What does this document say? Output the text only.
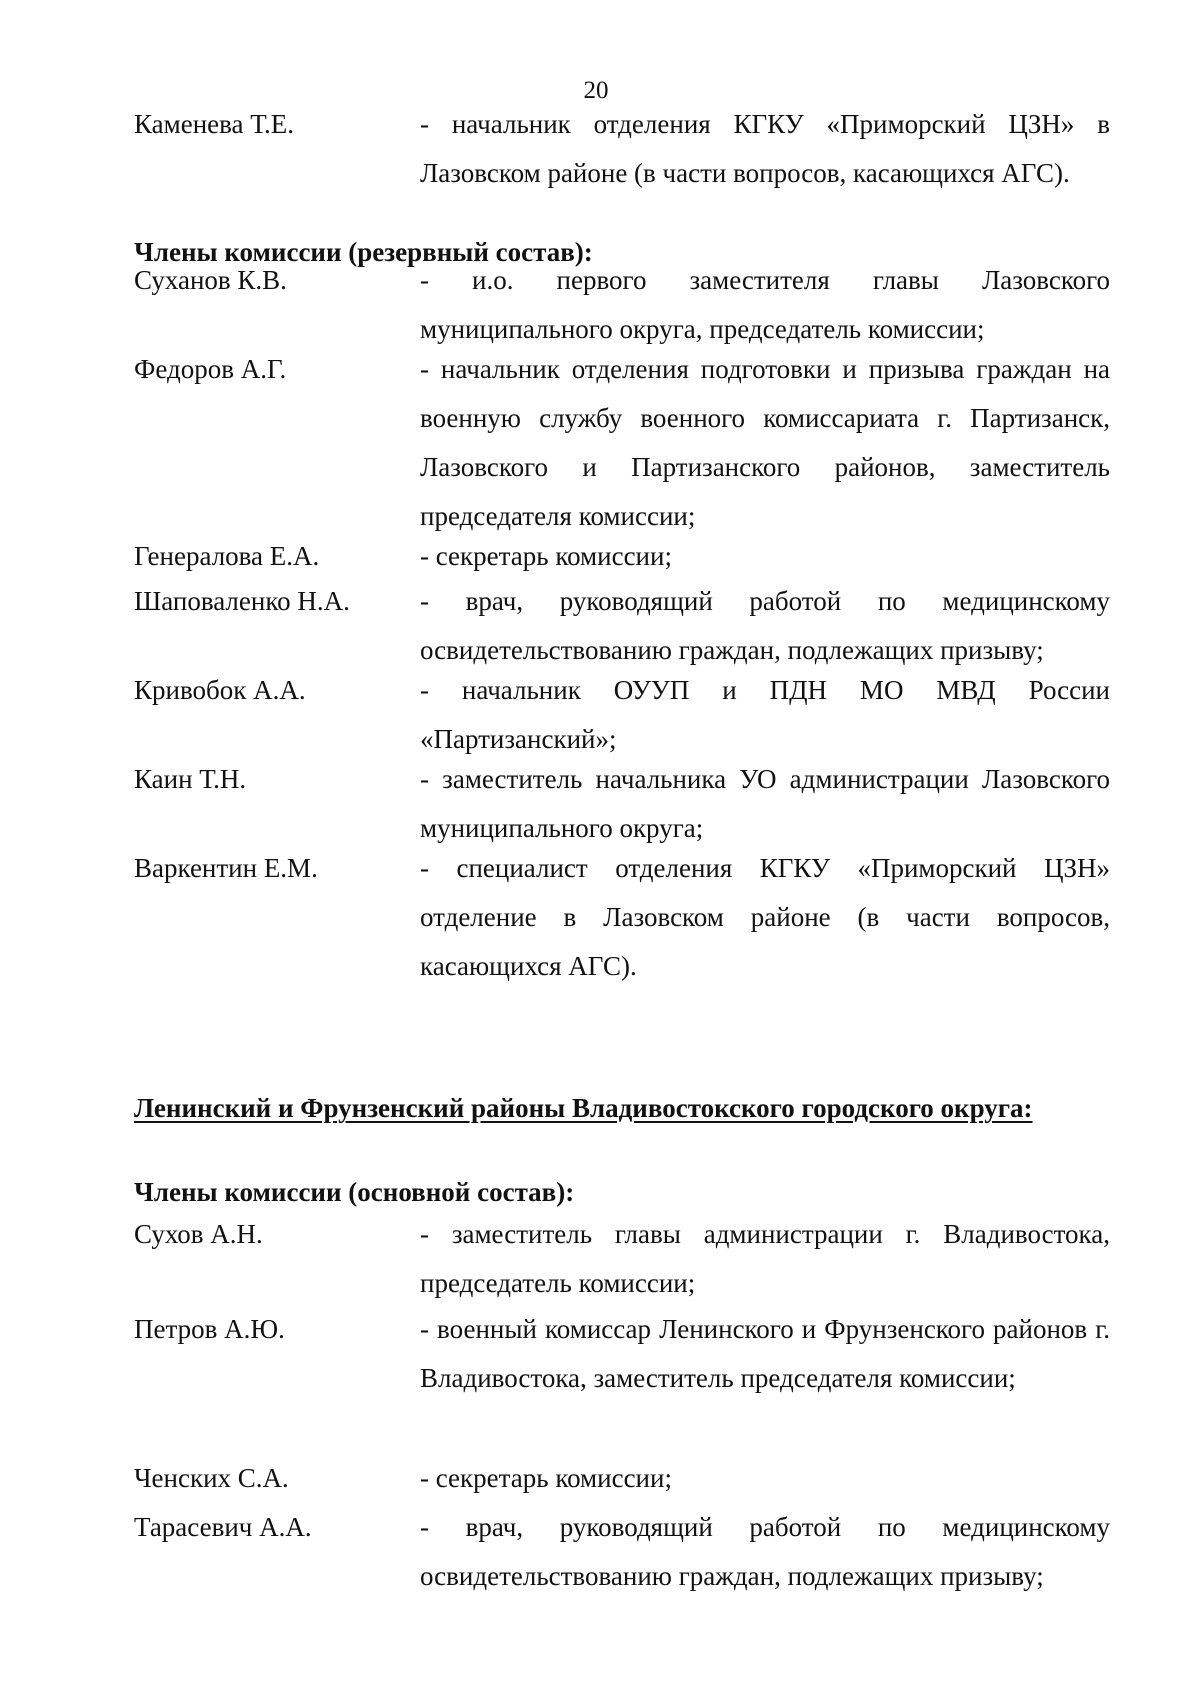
20
Каменева Т.Е.	- начальник отделения КГКУ «Приморский ЦЗН» в Лазовском районе (в части вопросов, касающихся АГС).
Члены комиссии (резервный состав):
Суханов К.В.	- и.о. первого заместителя главы Лазовского муниципального округа, председатель комиссии;
Федоров А.Г.	- начальник отделения подготовки и призыва граждан на военную службу военного комиссариата г. Партизанск, Лазовского и Партизанского районов, заместитель председателя комиссии;
Генералова Е.А.	- секретарь комиссии;
Шаповаленко Н.А.	- врач, руководящий работой по медицинскому освидетельствованию граждан, подлежащих призыву;
Кривобок А.А.	- начальник ОУУП и ПДН МО МВД России «Партизанский»;
Каин Т.Н.	- заместитель начальника УО администрации Лазовского муниципального округа;
Варкентин Е.М.	- специалист отделения КГКУ «Приморский ЦЗН» отделение в Лазовском районе (в части вопросов, касающихся АГС).
Ленинский и Фрунзенский районы Владивостокского городского округа:
Члены комиссии (основной состав):
Сухов А.Н.	- заместитель главы администрации г. Владивостока, председатель комиссии;
Петров А.Ю.	- военный комиссар Ленинского и Фрунзенского районов г. Владивостока, заместитель председателя комиссии;
Ченских С.А.	- секретарь комиссии;
Тарасевич А.А.	- врач, руководящий работой по медицинскому освидетельствованию граждан, подлежащих призыву;
